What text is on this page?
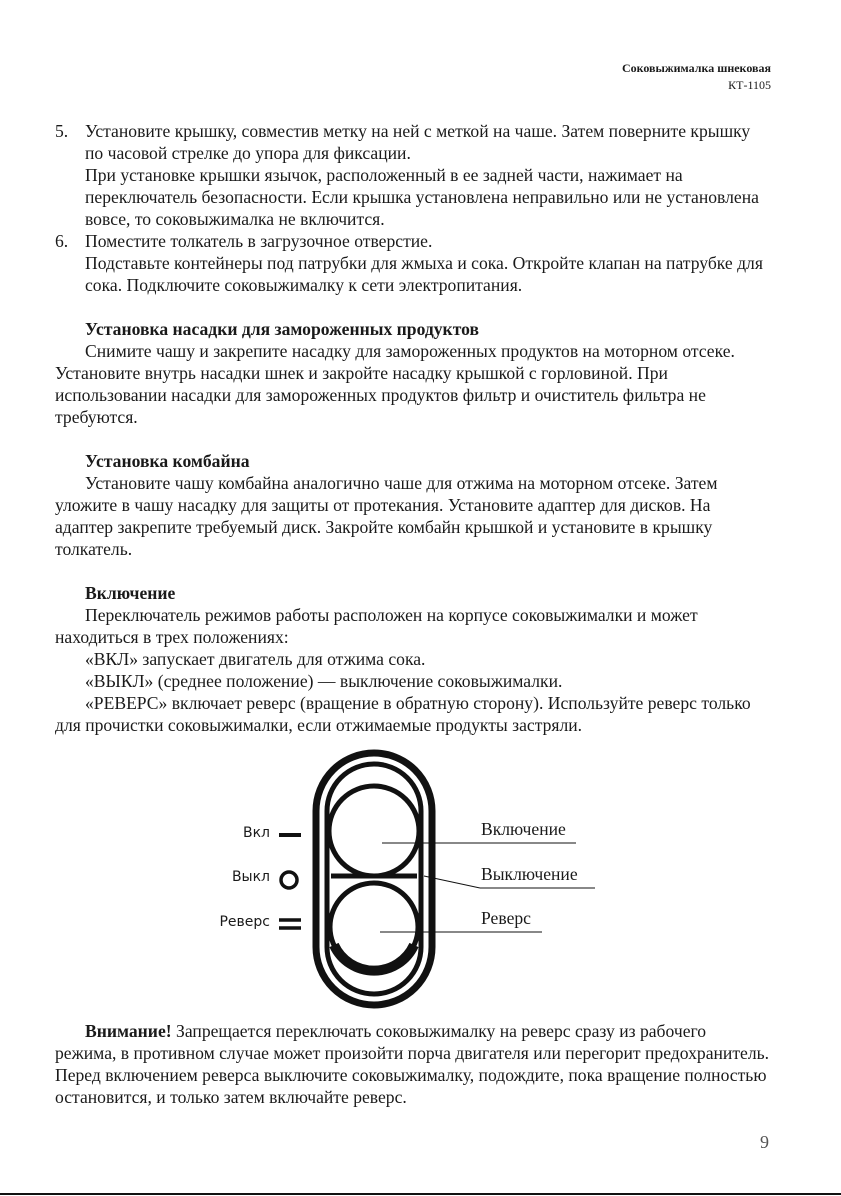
Соковыжималка шнековая
КТ-1105
5. Установите крышку, совместив метку на ней с меткой на чаше. Затем поверните крышку по часовой стрелке до упора для фиксации.

При установке крышки язычок, расположенный в ее задней части, нажимает на переключатель безопасности. Если крышка установлена неправильно или не установлена вовсе, то соковыжималка не включится.

6. Поместите толкатель в загрузочное отверстие.

Подставьте контейнеры под патрубки для жмыха и сока. Откройте клапан на патрубке для сока. Подключите соковыжималку к сети электропитания.

Установка насадки для замороженных продуктов

Снимите чашу и закрепите насадку для замороженных продуктов на моторном отсеке. Установите внутрь насадки шнек и закройте насадку крышкой с горловиной. При использовании насадки для замороженных продуктов фильтр и очиститель фильтра не требуются.

Установка комбайна

Установите чашу комбайна аналогично чаше для отжима на моторном отсеке. Затем уложите в чашу насадку для защиты от протекания. Установите адаптер для дисков. На адаптер закрепите требуемый диск. Закройте комбайн крышкой и установите в крышку толкатель.

Включение

Переключатель режимов работы расположен на корпусе соковыжималки и может находиться в трех положениях:

«ВКЛ» запускает двигатель для отжима сока.

«ВЫКЛ» (среднее положение) — выключение соковыжималки.

«РЕВЕРС» включает реверс (вращение в обратную сторону). Используйте реверс только для прочистки соковыжималки, если отжимаемые продукты застряли.

Вкл
Выкл
Реверс
Включение
Выключение
Реверс

Внимание! Запрещается переключать соковыжималку на реверс сразу из рабочего режима, в противном случае может произойти порча двигателя или перегорит предохранитель. Перед включением реверса выключите соковыжималку, подождите, пока вращение полностью остановится, и только затем включайте реверс.

9
